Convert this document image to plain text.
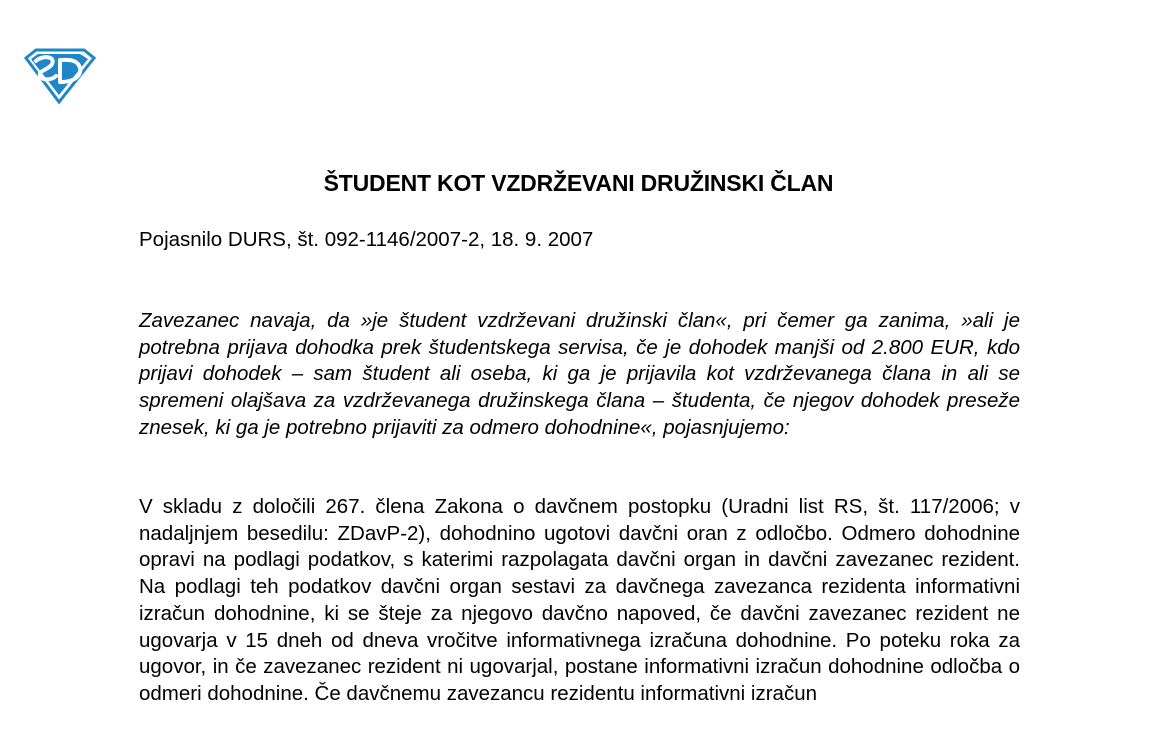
ŠTUDENT KOT VZDRŽEVANI DRUŽINSKI ČLAN

Pojasnilo DURS, št. 092-1146/2007-2, 18. 9. 2007

Zavezanec navaja, da »je študent vzdrževani družinski član«, pri čemer ga zanima, »ali je potrebna prijava dohodka prek študentskega servisa, če je dohodek manjši od 2.800 EUR, kdo prijavi dohodek – sam študent ali oseba, ki ga je prijavila kot vzdrževanega člana in ali se spremeni olajšava za vzdrževanega družinskega člana – študenta, če njegov dohodek preseže znesek, ki ga je potrebno prijaviti za odmero dohodnine«, pojasnjujemo:

V skladu z določili 267. člena Zakona o davčnem postopku (Uradni list RS, št. 117/2006; v nadaljnjem besedilu: ZDavP-2), dohodnino ugotovi davčni oran z odločbo. Odmero dohodnine opravi na podlagi podatkov, s katerimi razpolagata davčni organ in davčni zavezanec rezident. Na podlagi teh podatkov davčni organ sestavi za davčnega zavezanca rezidenta informativni izračun dohodnine, ki se šteje za njegovo davčno napoved, če davčni zavezanec rezident ne ugovarja v 15 dneh od dneva vročitve informativnega izračuna dohodnine. Po poteku roka za ugovor, in če zavezanec rezident ni ugovarjal, postane informativni izračun dohodnine odločba o odmeri dohodnine. Če davčnemu zavezancu rezidentu informativni izračun
